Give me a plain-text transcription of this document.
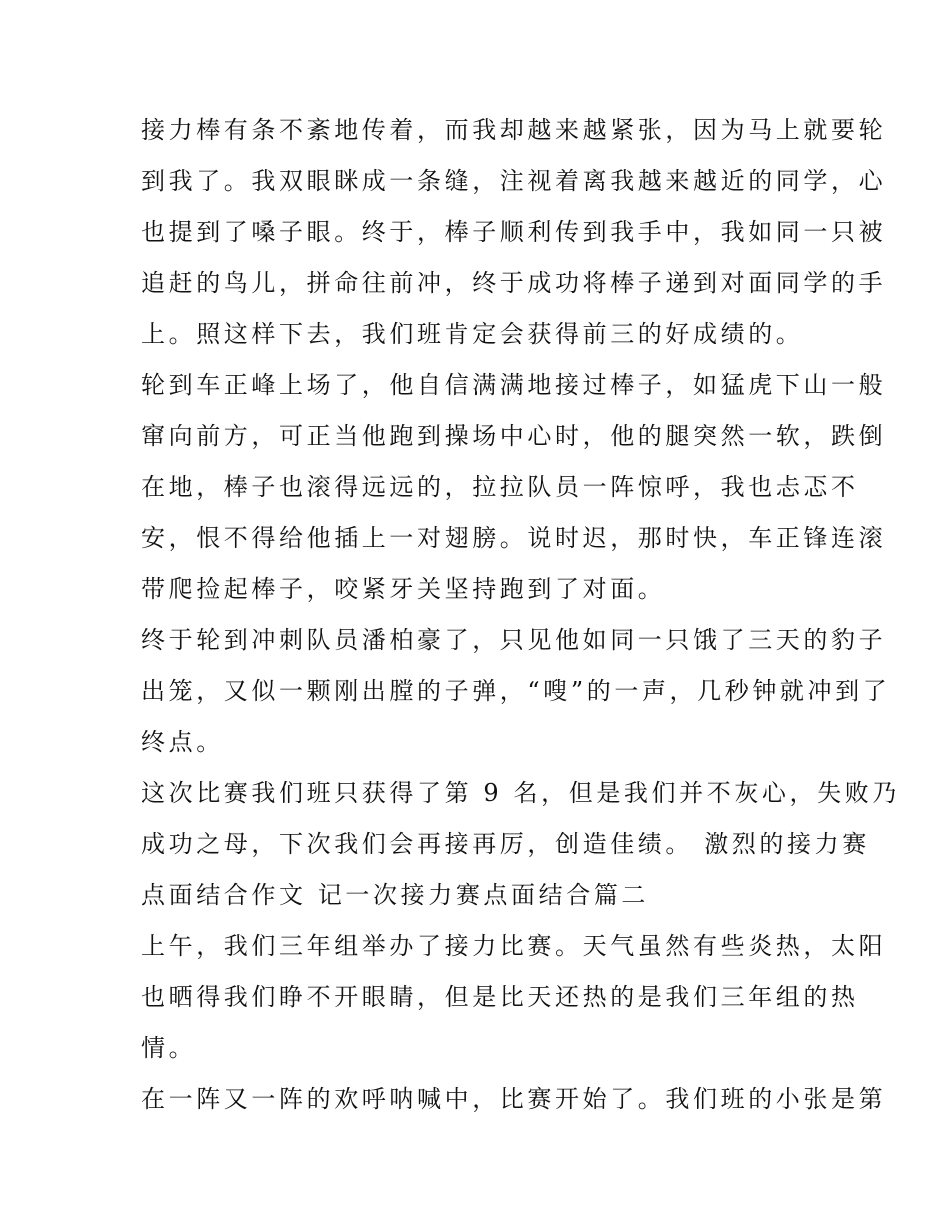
接力棒有条不紊地传着，而我却越来越紧张，因为马上就要轮
到我了。我双眼眯成一条缝，注视着离我越来越近的同学，心
也提到了嗓子眼。终于，棒子顺利传到我手中，我如同一只被
追赶的鸟儿，拼命往前冲，终于成功将棒子递到对面同学的手
上。照这样下去，我们班肯定会获得前三的好成绩的。
轮到车正峰上场了，他自信满满地接过棒子，如猛虎下山一般
窜向前方，可正当他跑到操场中心时，他的腿突然一软，跌倒
在地，棒子也滚得远远的，拉拉队员一阵惊呼，我也忐忑不
安，恨不得给他插上一对翅膀。说时迟，那时快，车正锋连滚
带爬捡起棒子，咬紧牙关坚持跑到了对面。
终于轮到冲刺队员潘柏豪了，只见他如同一只饿了三天的豹子
出笼，又似一颗刚出膛的子弹，“嗖”的一声，几秒钟就冲到了
终点。
这次比赛我们班只获得了第 9 名，但是我们并不灰心，失败乃
成功之母，下次我们会再接再厉，创造佳绩。 激烈的接力赛
点面结合作文 记一次接力赛点面结合篇二
上午，我们三年组举办了接力比赛。天气虽然有些炎热，太阳
也晒得我们睁不开眼睛，但是比天还热的是我们三年组的热
情。
在一阵又一阵的欢呼呐喊中，比赛开始了。我们班的小张是第
